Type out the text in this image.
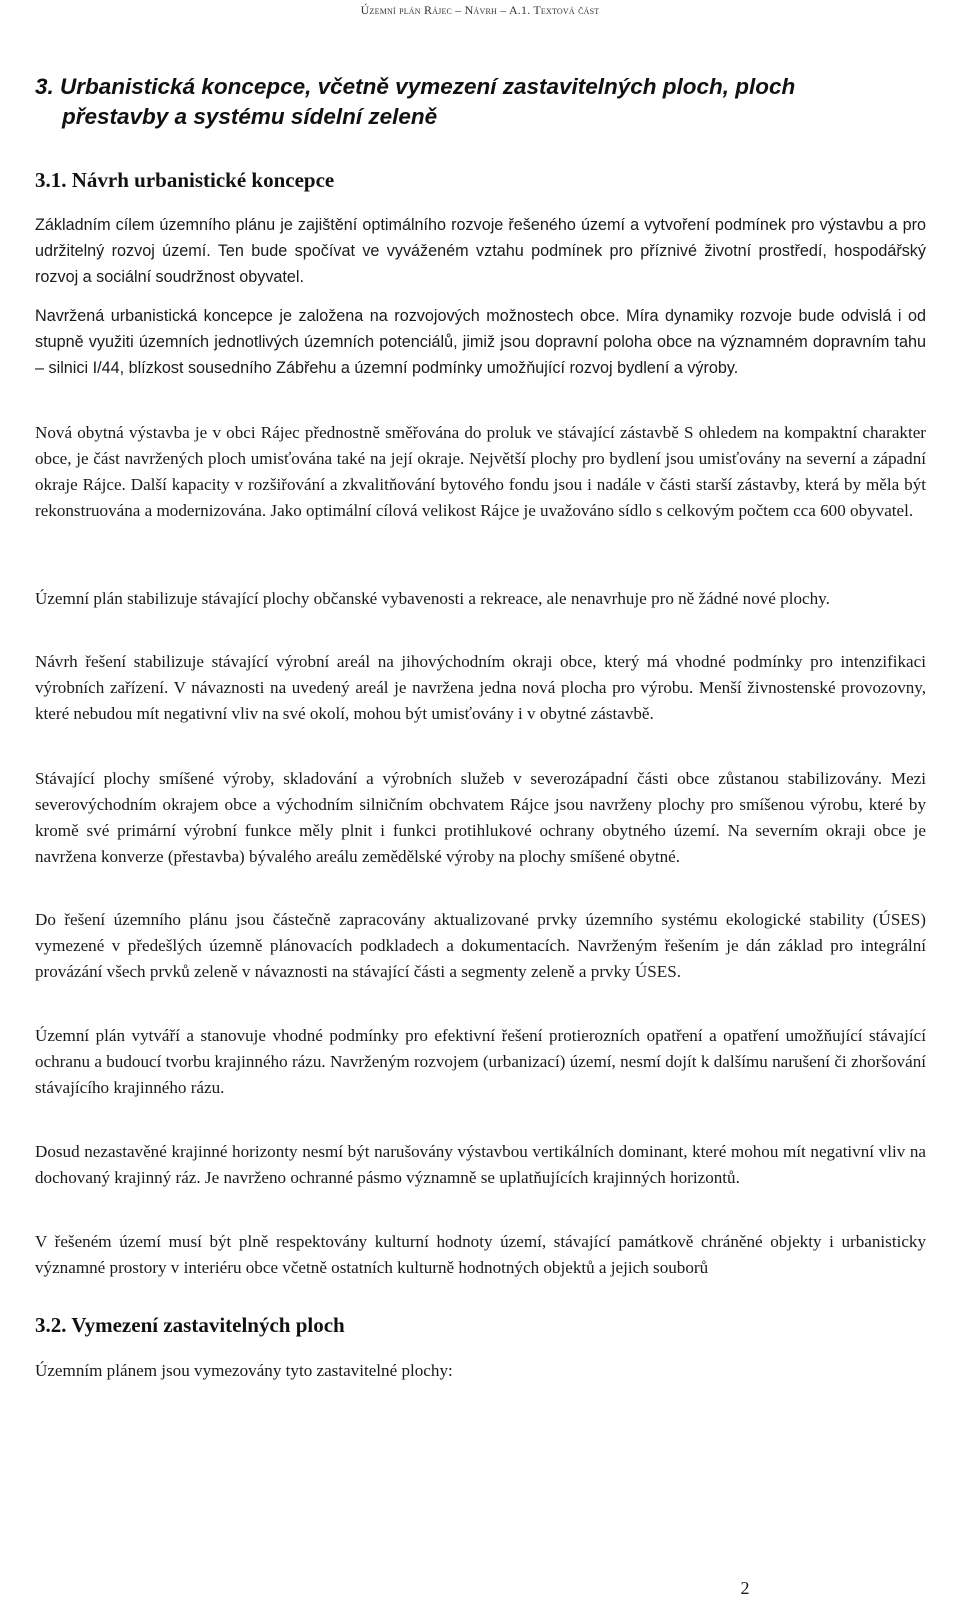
Územní plán Rájec – Návrh – A.1. Textová část
3. Urbanistická koncepce, včetně vymezení zastavitelných ploch, ploch
přestavby a systému sídelní zeleně
3.1. Návrh urbanistické koncepce

Základním cílem územního plánu je zajištění optimálního rozvoje řešeného území a vytvoření podmínek pro výstavbu a pro udržitelný rozvoj území. Ten bude spočívat ve vyváženém vztahu podmínek pro příznivé životní prostředí, hospodářský rozvoj a sociální soudržnost obyvatel.

Navržená urbanistická koncepce je založena na rozvojových možnostech obce. Míra dynamiky rozvoje bude odvislá i od stupně využiti územních jednotlivých územních potenciálů, jimiž jsou dopravní poloha obce na významném dopravním tahu – silnici I/44, blízkost sousedního Zábřehu a územní podmínky umožňující rozvoj bydlení a výroby.

Nová obytná výstavba je v obci Rájec přednostně směřována do proluk ve stávající zástavbě S ohledem na kompaktní charakter obce, je část navržených ploch umisťována také na její okraje. Největší plochy pro bydlení jsou umisťovány na severní a západní okraje Rájce. Další kapacity v rozšiřování a zkvalitňování bytového fondu jsou i nadále v části starší zástavby, která by měla být rekonstruována a modernizována. Jako optimální cílová velikost Rájce je uvažováno sídlo s celkovým počtem cca 600 obyvatel.

Územní plán stabilizuje stávající plochy občanské vybavenosti a rekreace, ale nenavrhuje pro ně žádné nové plochy.

Návrh řešení stabilizuje stávající výrobní areál na jihovýchodním okraji obce, který má vhodné podmínky pro intenzifikaci výrobních zařízení. V návaznosti na uvedený areál je navržena jedna nová plocha pro výrobu. Menší živnostenské provozovny, které nebudou mít negativní vliv na své okolí, mohou být umisťovány i v obytné zástavbě.

Stávající plochy smíšené výroby, skladování a výrobních služeb v severozápadní části obce zůstanou stabilizovány. Mezi severovýchodním okrajem obce a východním silničním obchvatem Rájce jsou navrženy plochy pro smíšenou výrobu, které by kromě své primární výrobní funkce měly plnit i funkci protihlukové ochrany obytného území. Na severním okraji obce je navržena konverze (přestavba) bývalého areálu zemědělské výroby na plochy smíšené obytné.

Do řešení územního plánu jsou částečně zapracovány aktualizované prvky územního systému ekologické stability (ÚSES) vymezené v předešlých územně plánovacích podkladech a dokumentacích. Navrženým řešením je dán základ pro integrální provázání všech prvků zeleně v návaznosti na stávající části a segmenty zeleně a prvky ÚSES.

Územní plán vytváří a stanovuje vhodné podmínky pro efektivní řešení protierozních opatření a opatření umožňující stávající ochranu a budoucí tvorbu krajinného rázu. Navrženým rozvojem (urbanizací) území, nesmí dojít k dalšímu narušení či zhoršování stávajícího krajinného rázu.

Dosud nezastavěné krajinné horizonty nesmí být narušovány výstavbou vertikálních dominant, které mohou mít negativní vliv na dochovaný krajinný ráz. Je navrženo ochranné pásmo významně se uplatňujících krajinných horizontů.

V řešeném území musí být plně respektovány kulturní hodnoty území, stávající památkově chráněné objekty i urbanisticky významné prostory v interiéru obce včetně ostatních kulturně hodnotných objektů a jejich souborů

3.2. Vymezení zastavitelných ploch

Územním plánem jsou vymezovány tyto zastavitelné plochy:

2
